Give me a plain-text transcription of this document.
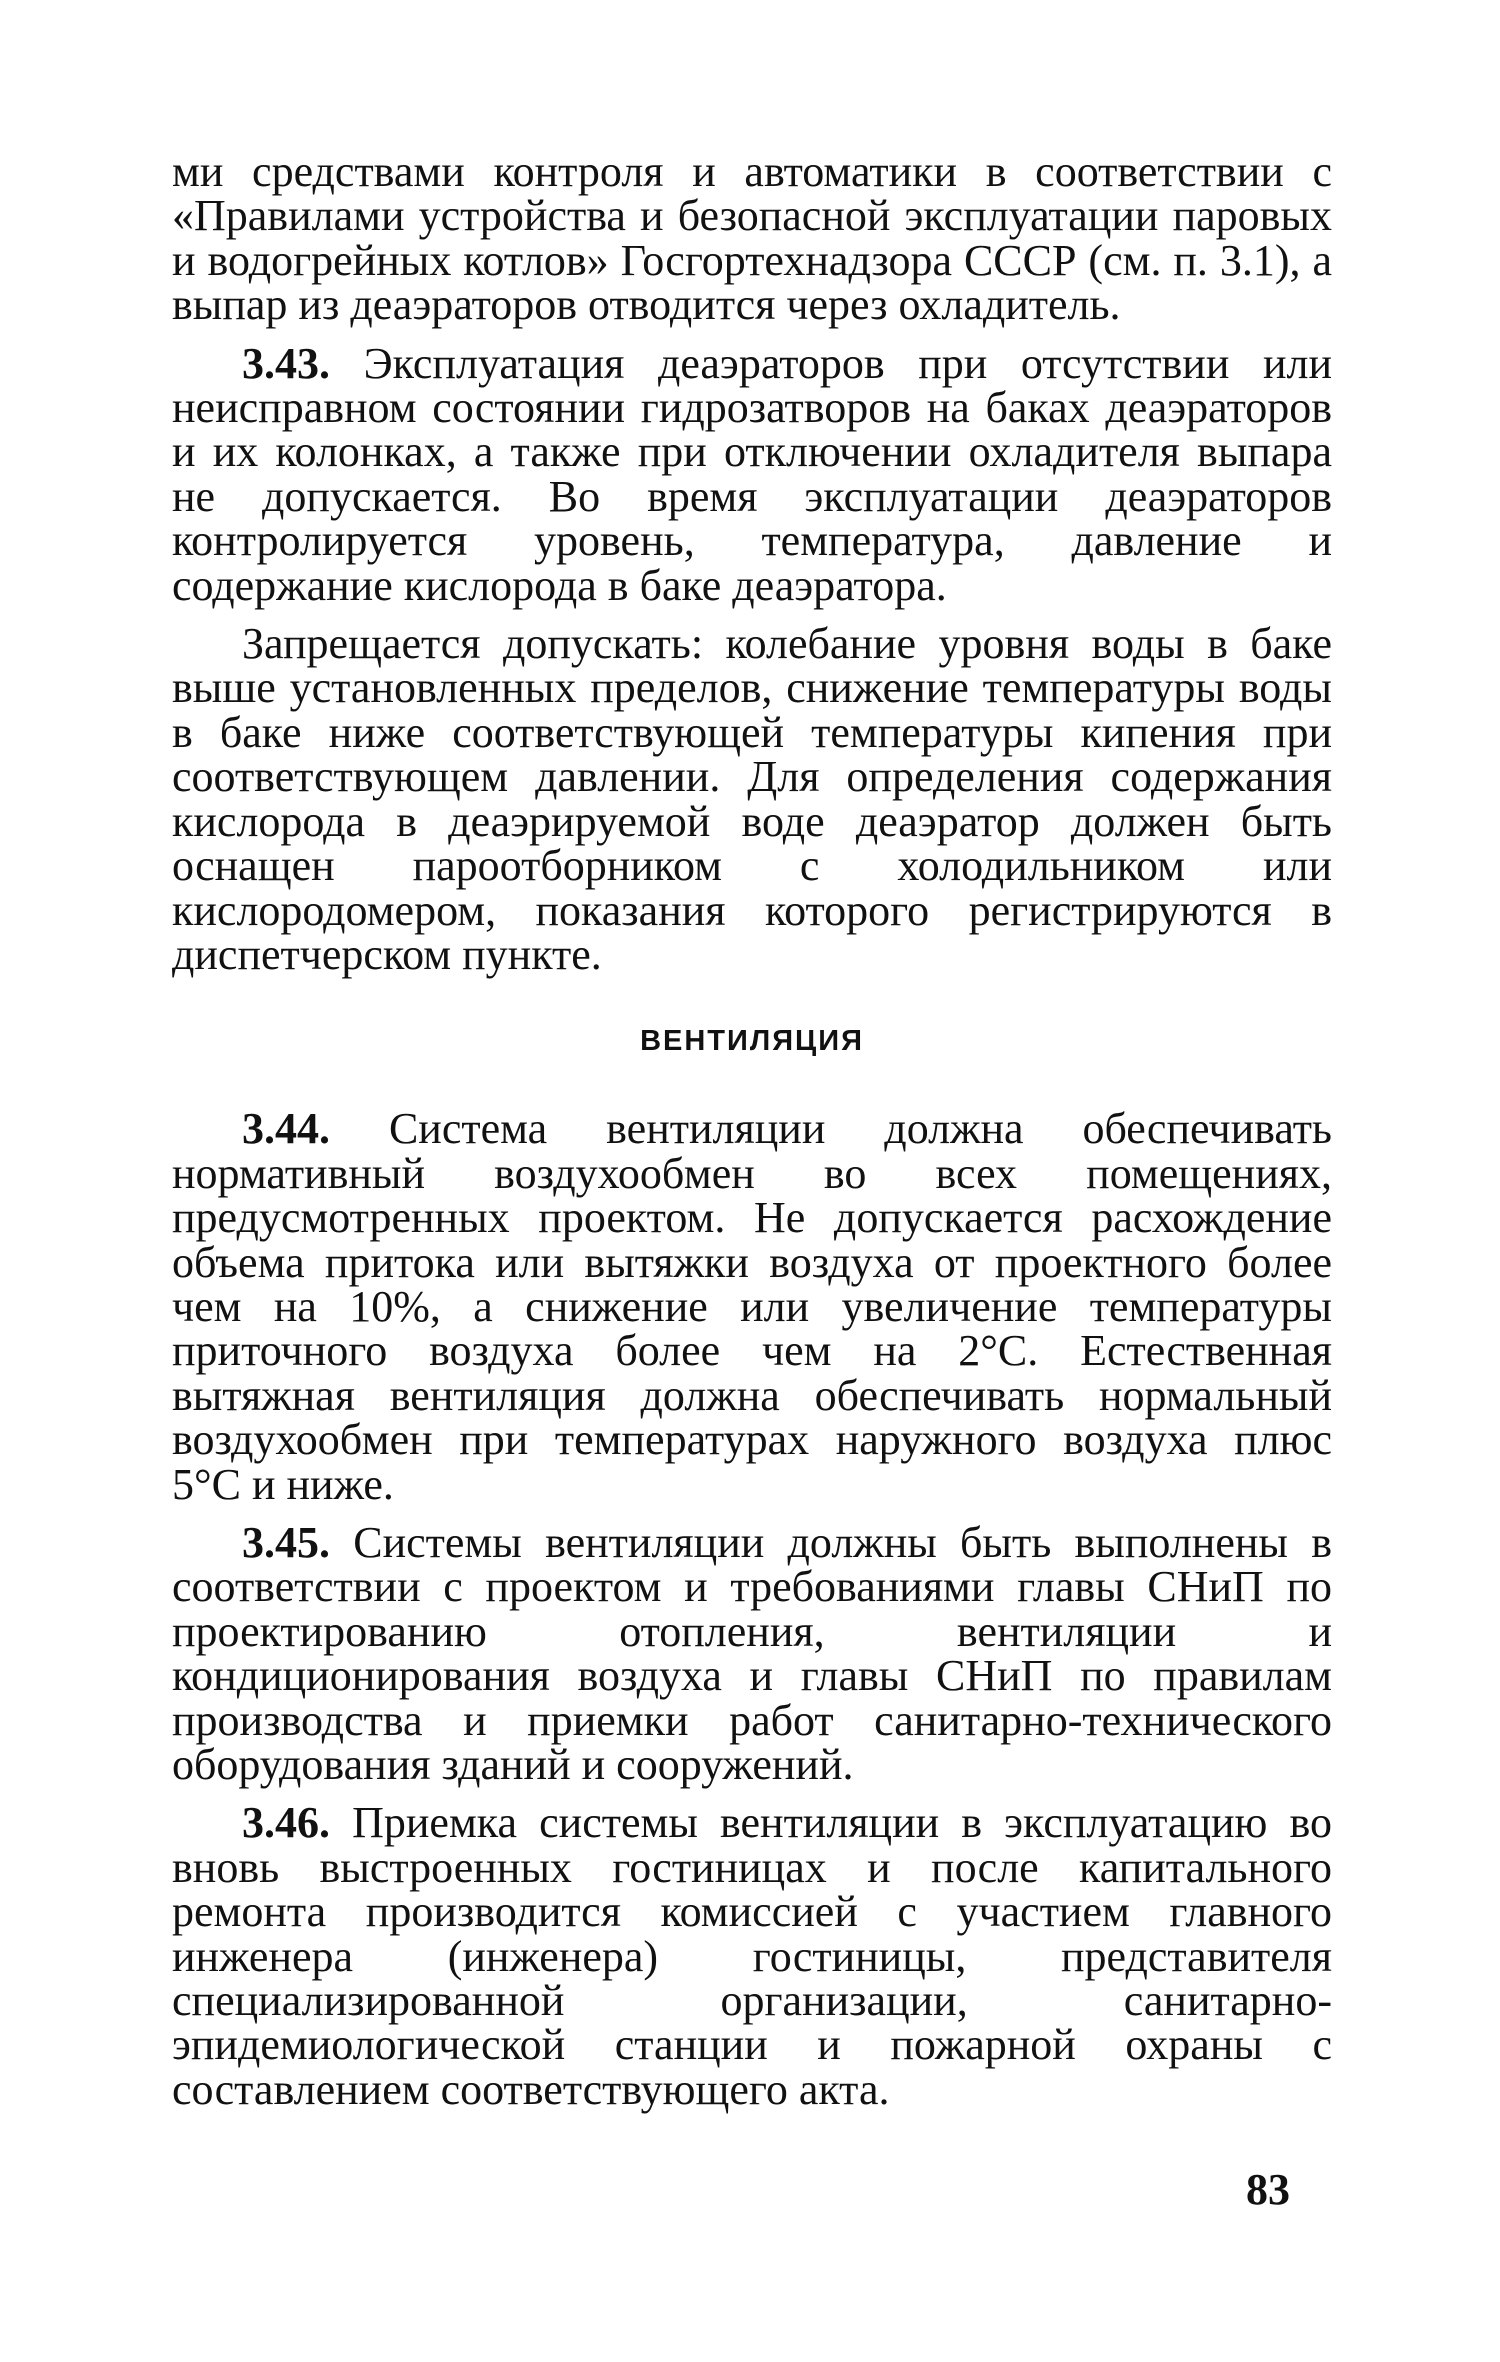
ми средствами контроля и автоматики в соответствии с «Правилами устройства и безопасной эксплуатации паровых и водогрейных котлов» Госгортехнадзора СССР (см. п. 3.1), а выпар из деаэраторов отводится через охладитель.

3.43. Эксплуатация деаэраторов при отсутствии или неисправном состоянии гидрозатворов на баках деаэраторов и их колонках, а также при отключении охладителя выпара не допускается. Во время эксплуатации деаэраторов контролируется уровень, температура, давление и содержание кислорода в баке деаэратора.

Запрещается допускать: колебание уровня воды в баке выше установленных пределов, снижение температуры воды в баке ниже соответствующей температуры кипения при соответствующем давлении. Для определения содержания кислорода в деаэрируемой воде деаэратор должен быть оснащен пароотборником с холодильником или кислородомером, показания которого регистрируются в диспетчерском пункте.

ВЕНТИЛЯЦИЯ

3.44. Система вентиляции должна обеспечивать нормативный воздухообмен во всех помещениях, предусмотренных проектом. Не допускается расхождение объема притока или вытяжки воздуха от проектного более чем на 10%, а снижение или увеличение температуры приточного воздуха более чем на 2°С. Естественная вытяжная вентиляция должна обеспечивать нормальный воздухообмен при температурах наружного воздуха плюс 5°С и ниже.

3.45. Системы вентиляции должны быть выполнены в соответствии с проектом и требованиями главы СНиП по проектированию отопления, вентиляции и кондиционирования воздуха и главы СНиП по правилам производства и приемки работ санитарно-технического оборудования зданий и сооружений.

3.46. Приемка системы вентиляции в эксплуатацию во вновь выстроенных гостиницах и после капитального ремонта производится комиссией с участием главного инженера (инженера) гостиницы, представителя специализированной организации, санитарно-эпидемиологической станции и пожарной охраны с составлением соответствующего акта.

83
